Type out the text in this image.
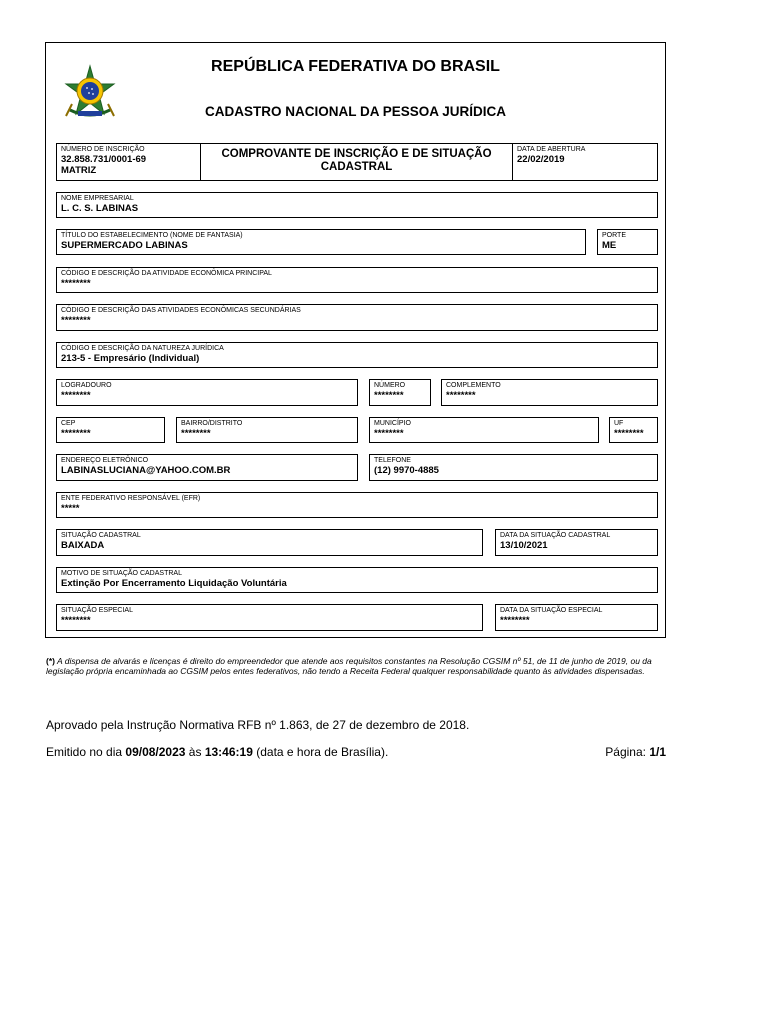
REPÚBLICA FEDERATIVA DO BRASIL
CADASTRO NACIONAL DA PESSOA JURÍDICA
NÚMERO DE INSCRIÇÃO
32.858.731/0001-69
MATRIZ
COMPROVANTE DE INSCRIÇÃO E DE SITUAÇÃO CADASTRAL
DATA DE ABERTURA
22/02/2019
NOME EMPRESARIAL
L. C. S. LABINAS
TÍTULO DO ESTABELECIMENTO (NOME DE FANTASIA)
SUPERMERCADO LABINAS
PORTE
ME
CÓDIGO E DESCRIÇÃO DA ATIVIDADE ECONÔMICA PRINCIPAL
********
CÓDIGO E DESCRIÇÃO DAS ATIVIDADES ECONÔMICAS SECUNDÁRIAS
********
CÓDIGO E DESCRIÇÃO DA NATUREZA JURÍDICA
213-5 - Empresário (Individual)
LOGRADOURO
********
NÚMERO
********
COMPLEMENTO
********
CEP
********
BAIRRO/DISTRITO
********
MUNICÍPIO
********
UF
********
ENDEREÇO ELETRÔNICO
LABINASLUCIANA@YAHOO.COM.BR
TELEFONE
(12) 9970-4885
ENTE FEDERATIVO RESPONSÁVEL (EFR)
*****
SITUAÇÃO CADASTRAL
BAIXADA
DATA DA SITUAÇÃO CADASTRAL
13/10/2021
MOTIVO DE SITUAÇÃO CADASTRAL
Extinção Por Encerramento Liquidação Voluntária
SITUAÇÃO ESPECIAL
********
DATA DA SITUAÇÃO ESPECIAL
********
(*) A dispensa de alvarás e licenças é direito do empreendedor que atende aos requisitos constantes na Resolução CGSIM nº 51, de 11 de junho de 2019, ou da legislação própria encaminhada ao CGSIM pelos entes federativos, não tendo a Receita Federal qualquer responsabilidade quanto às atividades dispensadas.
Aprovado pela Instrução Normativa RFB nº 1.863, de 27 de dezembro de 2018.
Emitido no dia 09/08/2023 às 13:46:19 (data e hora de Brasília).	Página: 1/1
